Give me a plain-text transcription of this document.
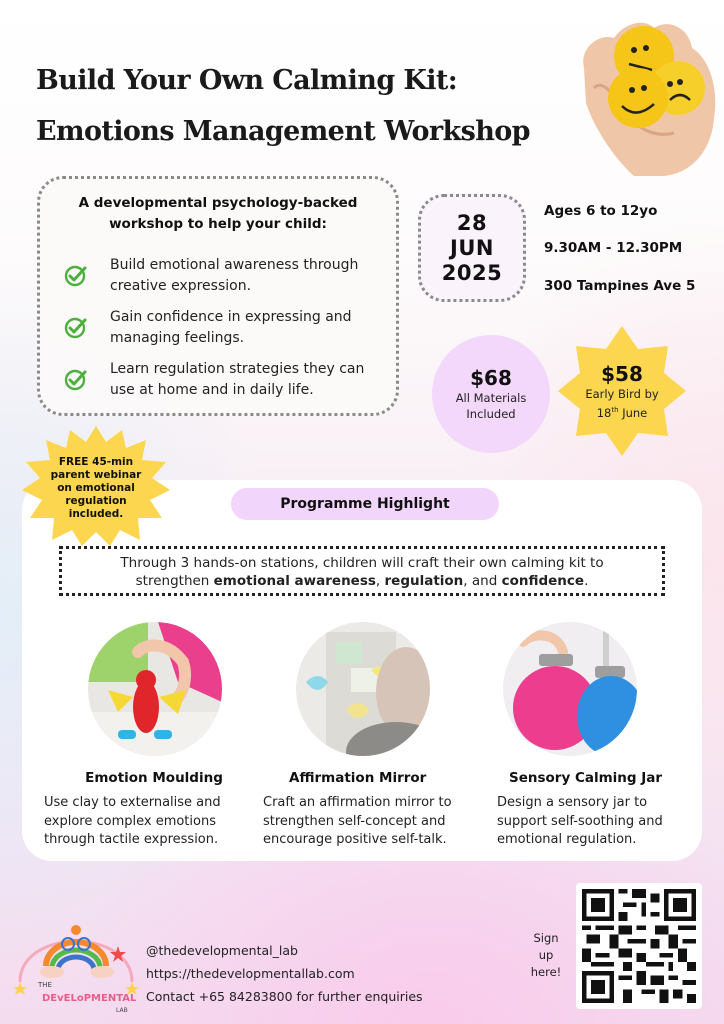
Build Your Own Calming Kit:
Emotions Management Workshop
A developmental psychology-backed
workshop to help your child:
Build emotional awareness through
creative expression.
Gain confidence in expressing and
managing feelings.
Learn regulation strategies they can
use at home and in daily life.
28
JUN
2025
Ages 6 to 12yo
9.30AM - 12.30PM
300 Tampines Ave 5
$68
All Materials
Included
$58
Early Bird by
18th June
FREE 45-min
parent webinar
on emotional
regulation
included.
Programme Highlight
Through 3 hands-on stations, children will craft their own calming kit to
strengthen emotional awareness, regulation, and confidence.
Emotion Moulding
Use clay to externalise and
explore complex emotions
through tactile expression.
Affirmation Mirror
Craft an affirmation mirror to
strengthen self-concept and
encourage positive self-talk.
Sensory Calming Jar
Design a sensory jar to
support self-soothing and
emotional regulation.
THE
DEvELoPMENTAL
LAB
@thedevelopmental_lab
https://thedevelopmentallab.com
Contact +65 84283800 for further enquiries
Sign
up
here!
